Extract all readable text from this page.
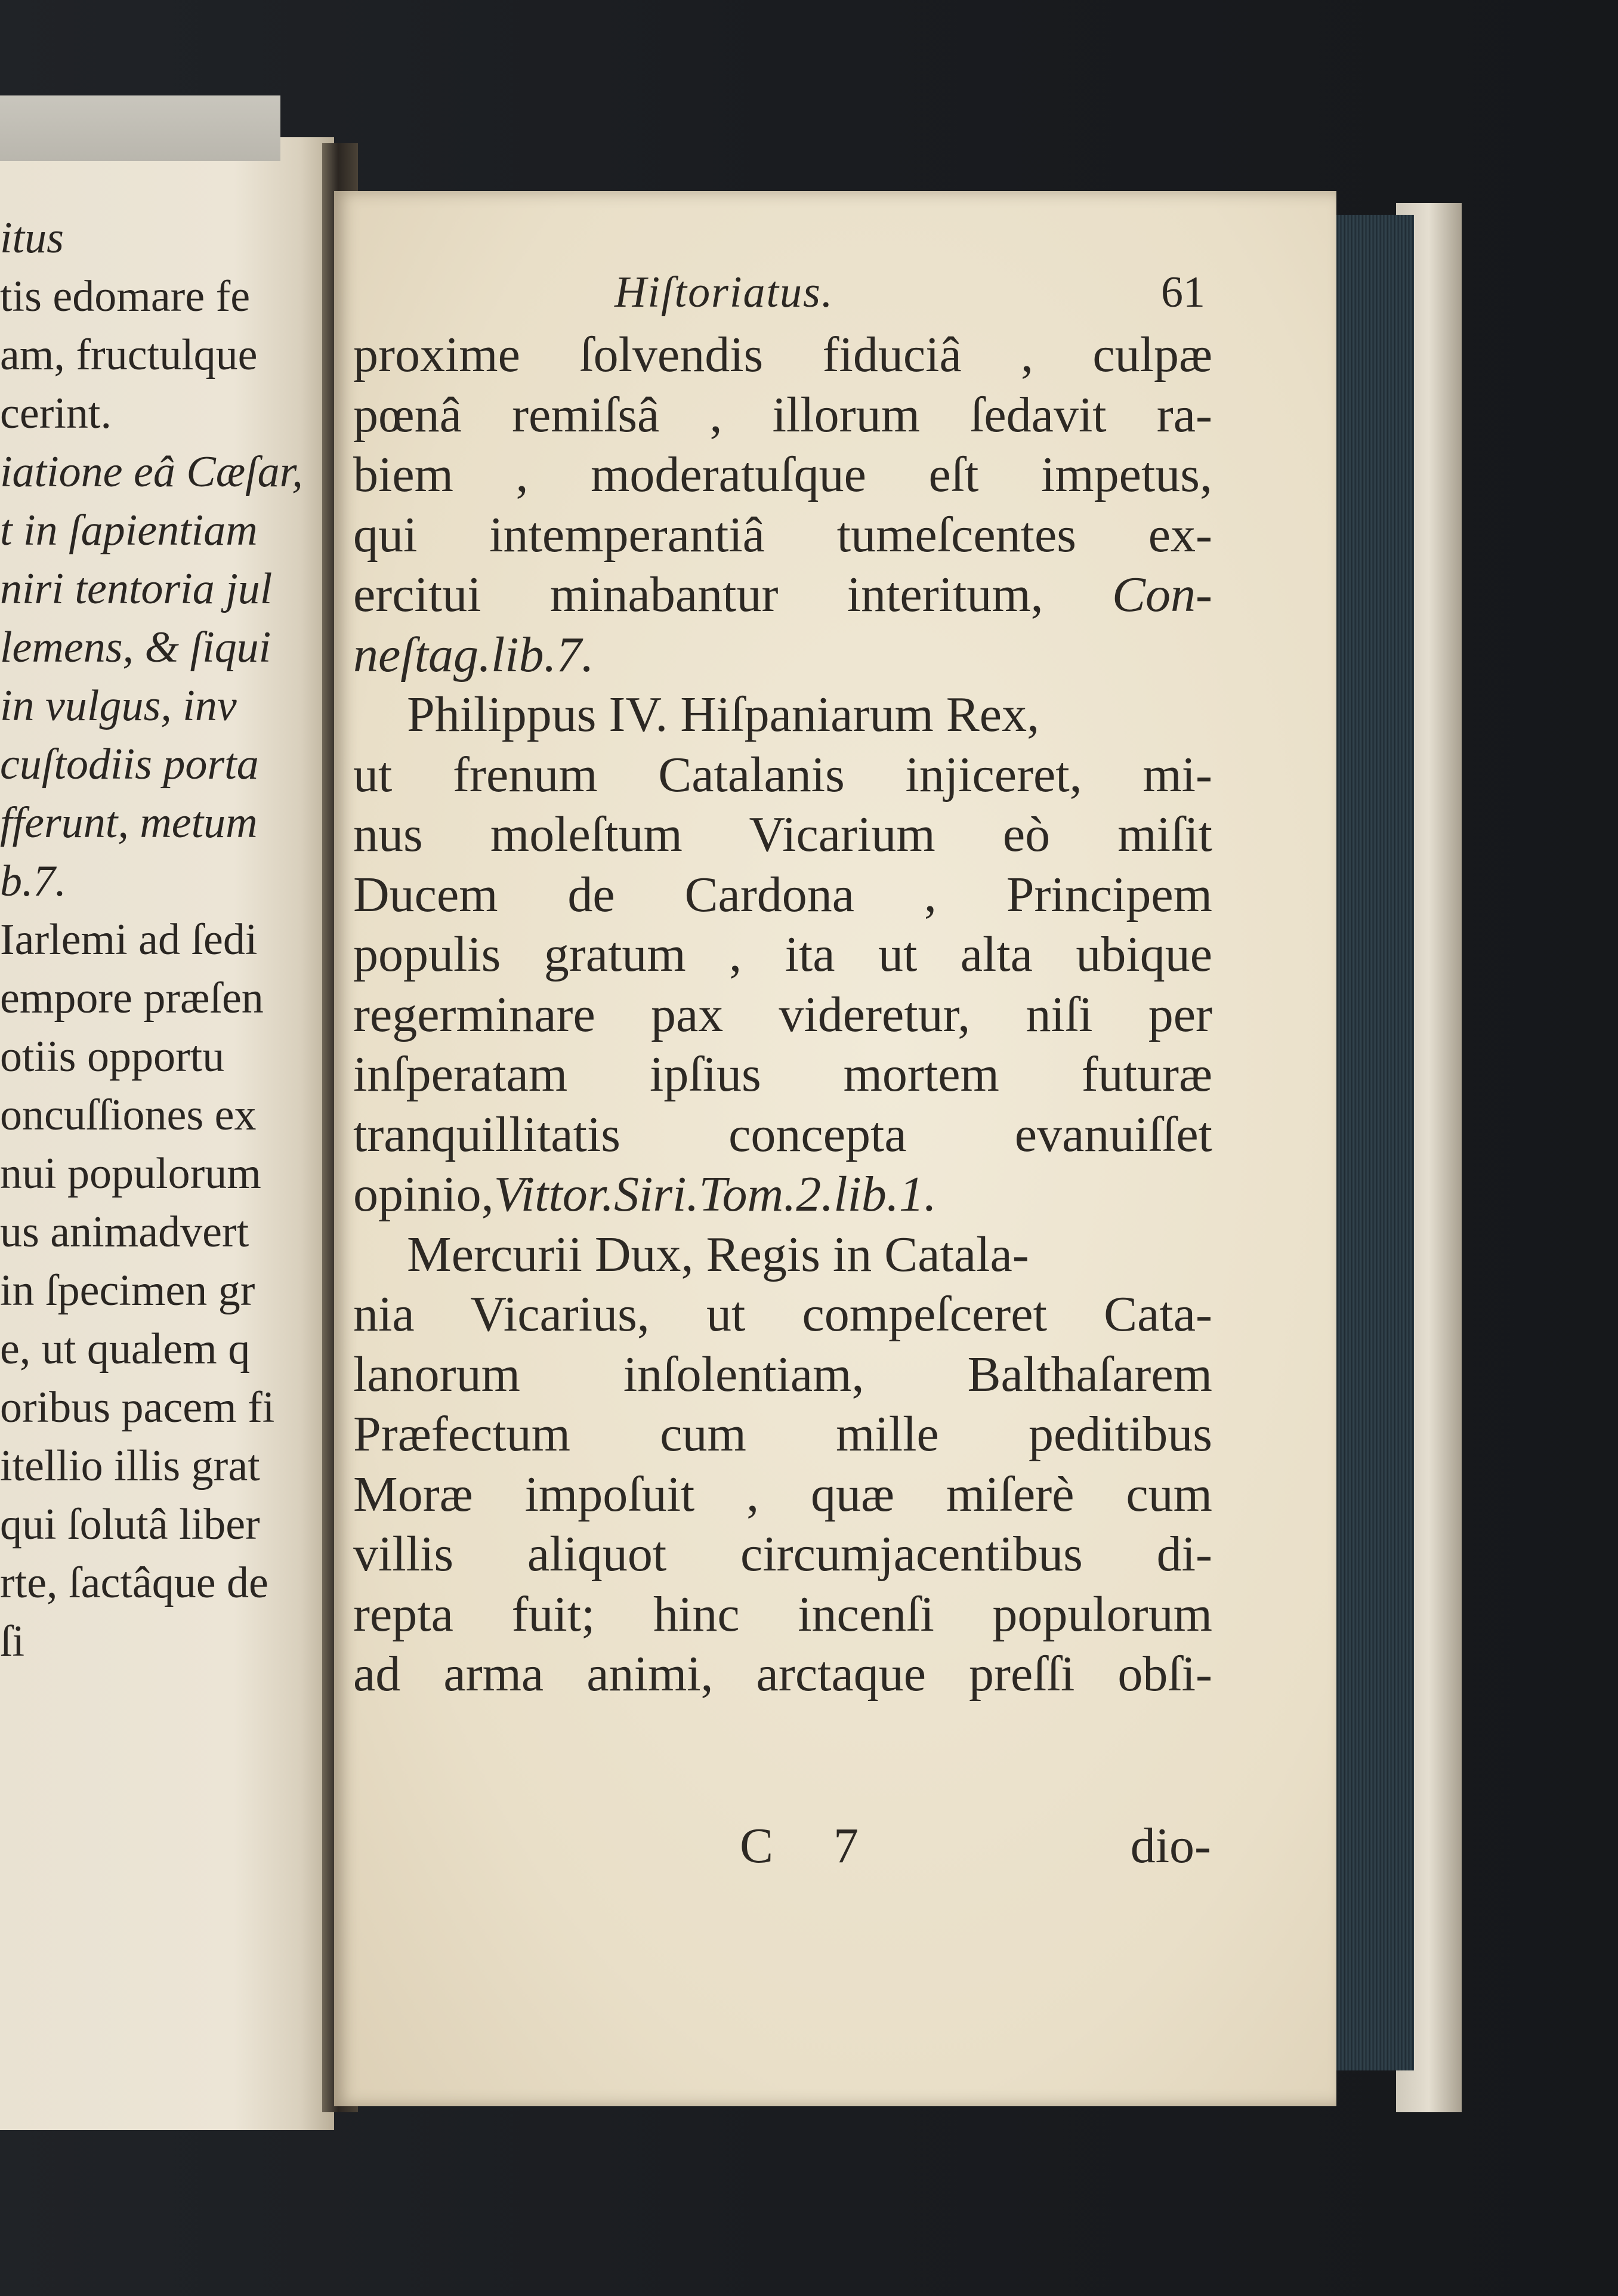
itus
tis edomare fe
am, fructulque
cerint.
iatione eâ Cæſar,
t in ſapientiam
niri tentoria jul
lemens, & ſiqui
in vulgus, inv
cuſtodiis porta
fferunt, metum
b.7.
Iarlemi ad ſedi
empore præſen
otiis opportu
oncuſſiones ex
nui populorum
us animadvert
in ſpecimen gr
e, ut qualem q
oribus pacem fi
itellio illis grat
qui ſolutâ liber
rte, ſactâque de
ſi
Hiſtoriatus.	61
proxime ſolvendis fiduciâ , culpæ
pœnâ remiſsâ , illorum ſedavit ra-
biem , moderatuſque eſt impetus,
qui intemperantiâ tumeſcentes ex-
ercitui minabantur interitum, Con-
neſtag.lib.7.
Philippus IV. Hiſpaniarum Rex,
ut frenum Catalanis injiceret, mi-
nus moleſtum Vicarium eò miſit
Ducem de Cardona , Principem
populis gratum , ita ut alta ubique
regerminare pax videretur, niſi per
inſperatam ipſius mortem futuræ
tranquillitatis concepta evanuiſſet
opinio,Vittor.Siri.Tom.2.lib.1.
Mercurii Dux, Regis in Catala-
nia Vicarius, ut compeſceret Cata-
lanorum inſolentiam, Balthaſarem
Præfectum cum mille peditibus
Moræ impoſuit , quæ miſerè cum
villis aliquot circumjacentibus di-
repta fuit; hinc incenſi populorum
ad arma animi, arctaque preſſi obſi-
C 7	dio-
